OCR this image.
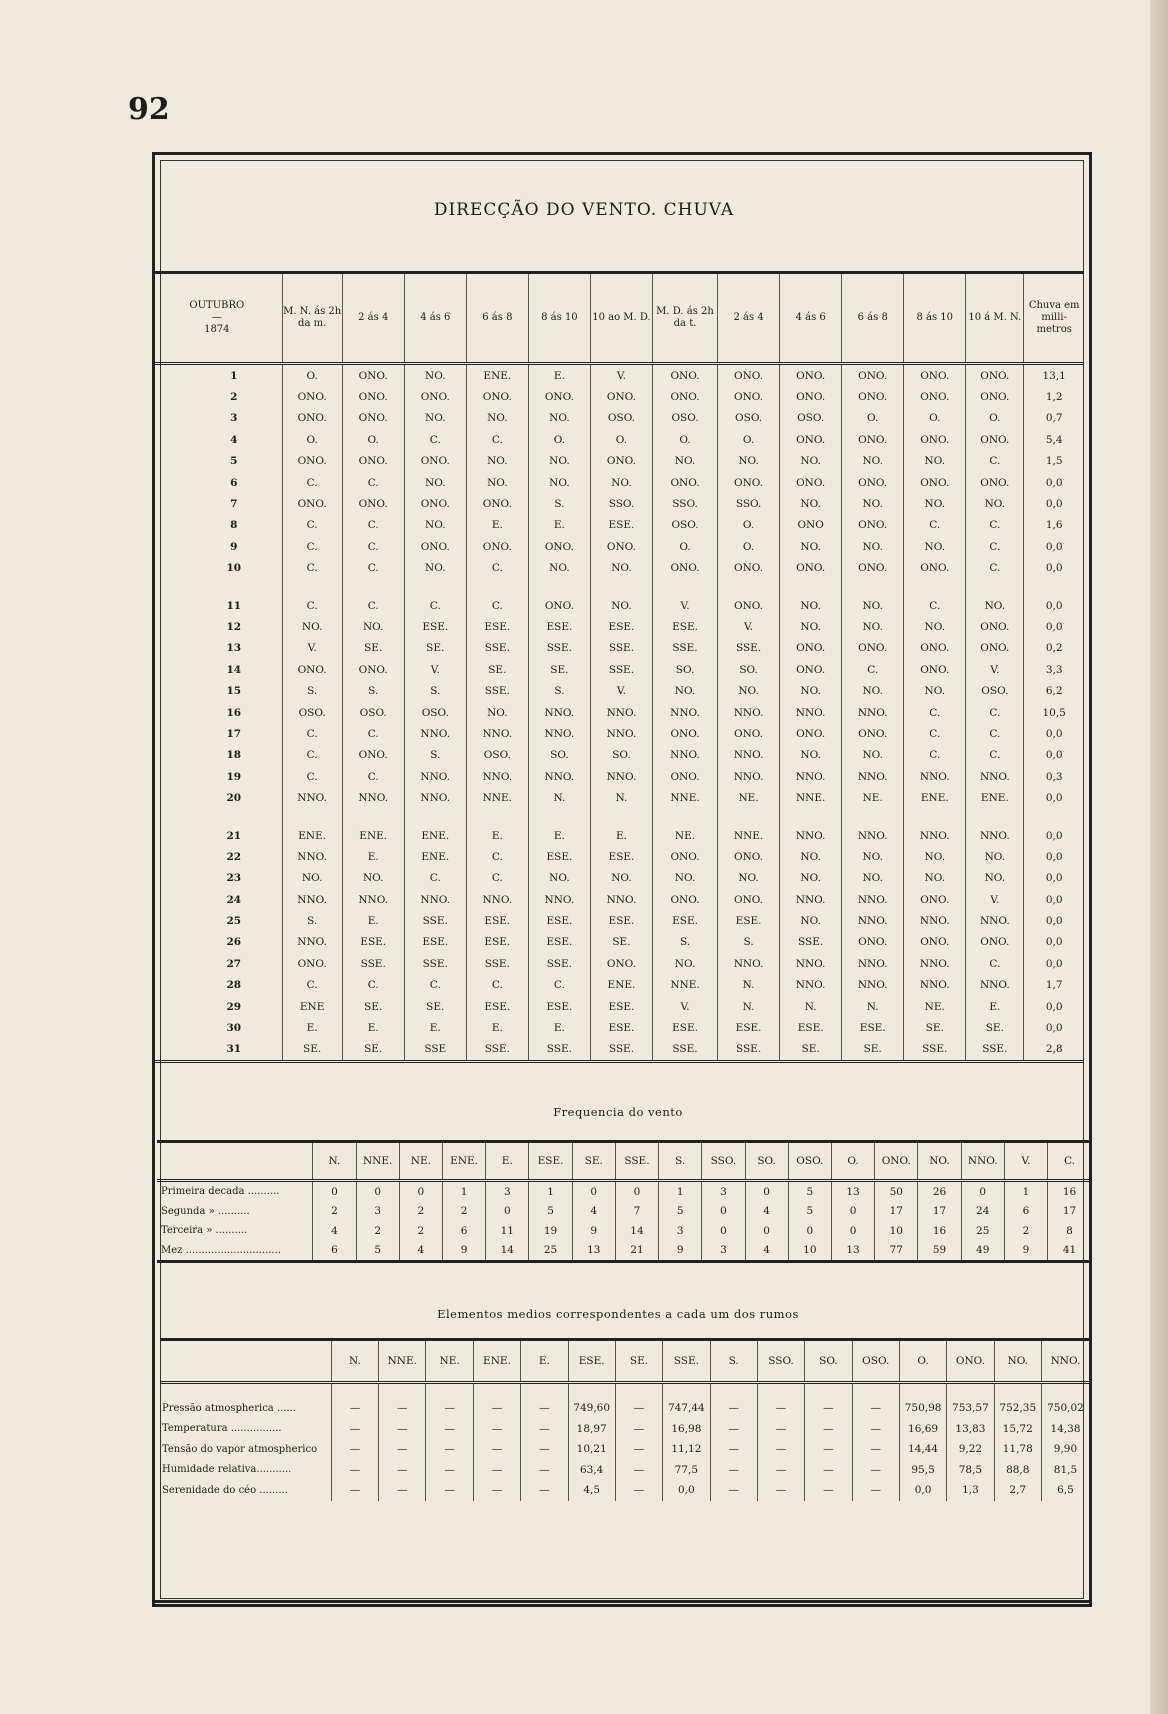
92
DIRECÇÃO DO VENTO. CHUVA
OUTUBRO
—
1874	M. N. ás 2h da m.	2 ás 4	4 ás 6	6 ás 8	8 ás 10	10 ao M. D.	M. D. ás 2h da t.	2 ás 4	4 ás 6	6 ás 8	8 ás 10	10 á M. N.	Chuva em milli-metros
1	O.	ONO.	NO.	ENE.	E.	V.	ONO.	ONO.	ONO.	ONO.	ONO.	ONO.	13,1
2	ONO.	ONO.	ONO.	ONO.	ONO.	ONO.	ONO.	ONO.	ONO.	ONO.	ONO.	ONO.	1,2
3	ONO.	ONO.	NO.	NO.	NO.	OSO.	OSO.	OSO.	OSO.	O.	O.	O.	0,7
4	O.	O.	C.	C.	O.	O.	O.	O.	ONO.	ONO.	ONO.	ONO.	5,4
5	ONO.	ONO.	ONO.	NO.	NO.	ONO.	NO.	NO.	NO.	NO.	NO.	C.	1,5
6	C.	C.	NO.	NO.	NO.	NO.	ONO.	ONO.	ONO.	ONO.	ONO.	ONO.	0,0
7	ONO.	ONO.	ONO.	ONO.	S.	SSO.	SSO.	SSO.	NO.	NO.	NO.	NO.	0,0
8	C.	C.	NO.	E.	E.	ESE.	OSO.	O.	ONO	ONO.	C.	C.	1,6
9	C.	C.	ONO.	ONO.	ONO.	ONO.	O.	O.	NO.	NO.	NO.	C.	0,0
10	C.	C.	NO.	C.	NO.	NO.	ONO.	ONO.	ONO.	ONO.	ONO.	C.	0,0
11	C.	C.	C.	C.	ONO.	NO.	V.	ONO.	NO.	NO.	C.	NO.	0,0
12	NO.	NO.	ESE.	ESE.	ESE.	ESE.	ESE.	V.	NO.	NO.	NO.	ONO.	0,0
13	V.	SE.	SE.	SSE.	SSE.	SSE.	SSE.	SSE.	ONO.	ONO.	ONO.	ONO.	0,2
14	ONO.	ONO.	V.	SE.	SE.	SSE.	SO.	SO.	ONO.	C.	ONO.	V.	3,3
15	S.	S.	S.	SSE.	S.	V.	NO.	NO.	NO.	NO.	NO.	OSO.	6,2
16	OSO.	OSO.	OSO.	NO.	NNO.	NNO.	NNO.	NNO.	NNO.	NNO.	C.	C.	10,5
17	C.	C.	NNO.	NNO.	NNO.	NNO.	ONO.	ONO.	ONO.	ONO.	C.	C.	0,0
18	C.	ONO.	S.	OSO.	SO.	SO.	NNO.	NNO.	NO.	NO.	C.	C.	0,0
19	C.	C.	NNO.	NNO.	NNO.	NNO.	ONO.	NNO.	NNO.	NNO.	NNO.	NNO.	0,3
20	NNO.	NNO.	NNO.	NNE.	N.	N.	NNE.	NE.	NNE.	NE.	ENE.	ENE.	0,0
21	ENE.	ENE.	ENE.	E.	E.	E.	NE.	NNE.	NNO.	NNO.	NNO.	NNO.	0,0
22	NNO.	E.	ENE.	C.	ESE.	ESE.	ONO.	ONO.	NO.	NO.	NO.	NO.	0,0
23	NO.	NO.	C.	C.	NO.	NO.	NO.	NO.	NO.	NO.	NO.	NO.	0,0
24	NNO.	NNO.	NNO.	NNO.	NNO.	NNO.	ONO.	ONO.	NNO.	NNO.	ONO.	V.	0,0
25	S.	E.	SSE.	ESE.	ESE.	ESE.	ESE.	ESE.	NO.	NNO.	NNO.	NNO.	0,0
26	NNO.	ESE.	ESE.	ESE.	ESE.	SE.	S.	S.	SSE.	ONO.	ONO.	ONO.	0,0
27	ONO.	SSE.	SSE.	SSE.	SSE.	ONO.	NO.	NNO.	NNO.	NNO.	NNO.	C.	0,0
28	C.	C.	C.	C.	C.	ENE.	NNE.	N.	NNO.	NNO.	NNO.	NNO.	1,7
29	ENE	SE.	SE.	ESE.	ESE.	ESE.	V.	N.	N.	N.	NE.	E.	0,0
30	E.	E.	E.	E.	E.	ESE.	ESE.	ESE.	ESE.	ESE.	SE.	SE.	0,0
31	SE.	SE.	SSE	SSE.	SSE.	SSE.	SSE.	SSE.	SE.	SE.	SSE.	SSE.	2,8
Frequencia do vento
	N.	NNE.	NE.	ENE.	E.	ESE.	SE.	SSE.	S.	SSO.	SO.	OSO.	O.	ONO.	NO.	NNO.	V.	C.
Primeira decada ..........	0	0	0	1	3	1	0	0	1	3	0	5	13	50	26	0	1	16
Segunda » ..........	2	3	2	2	0	5	4	7	5	0	4	5	0	17	17	24	6	17
Terceira » ..........	4	2	2	6	11	19	9	14	3	0	0	0	0	10	16	25	2	8
Mez ..............................	6	5	4	9	14	25	13	21	9	3	4	10	13	77	59	49	9	41
Elementos medios correspondentes a cada um dos rumos
	N.	NNE.	NE.	ENE.	E.	ESE.	SE.	SSE.	S.	SSO.	SO.	OSO.	O.	ONO.	NO.	NNO.
Pressão atmospherica ......	—	—	—	—	—	749,60	—	747,44	—	—	—	—	750,98	753,57	752,35	750,02
Temperatura ................	—	—	—	—	—	18,97	—	16,98	—	—	—	—	16,69	13,83	15,72	14,38
Tensão do vapor atmospherico	—	—	—	—	—	10,21	—	11,12	—	—	—	—	14,44	9,22	11,78	9,90
Humidade relativa...........	—	—	—	—	—	63,4	—	77,5	—	—	—	—	95,5	78,5	88,8	81,5
Serenidade do céo .........	—	—	—	—	—	4,5	—	0,0	—	—	—	—	0,0	1,3	2,7	6,5
